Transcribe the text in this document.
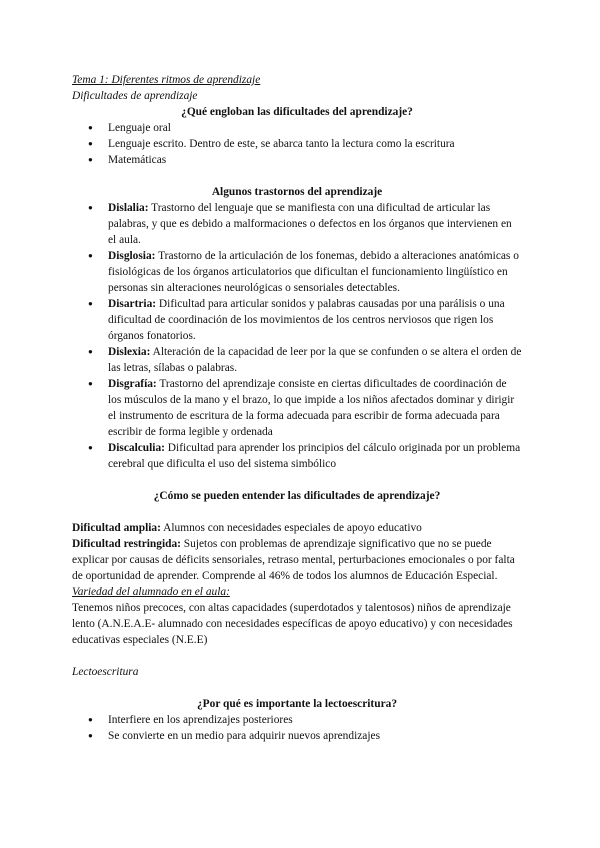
Tema 1: Diferentes ritmos de aprendizaje

Dificultades de aprendizaje

¿Qué engloban las dificultades del aprendizaje?

● Lenguaje oral
● Lenguaje escrito. Dentro de este, se abarca tanto la lectura como la escritura
● Matemáticas

Algunos trastornos del aprendizaje

● Dislalia: Trastorno del lenguaje que se manifiesta con una dificultad de articular las palabras, y que es debido a malformaciones o defectos en los órganos que intervienen en el aula.
● Disglosia: Trastorno de la articulación de los fonemas, debido a alteraciones anatómicas o fisiológicas de los órganos articulatorios que dificultan el funcionamiento lingüístico en personas sin alteraciones neurológicas o sensoriales detectables.
● Disartria: Dificultad para articular sonidos y palabras causadas por una parálisis o una dificultad de coordinación de los movimientos de los centros nerviosos que rigen los órganos fonatorios.
● Dislexia: Alteración de la capacidad de leer por la que se confunden o se altera el orden de las letras, sílabas o palabras.
● Disgrafía: Trastorno del aprendizaje consiste en ciertas dificultades de coordinación de los músculos de la mano y el brazo, lo que impide a los niños afectados dominar y dirigir el instrumento de escritura de la forma adecuada para escribir de forma adecuada para escribir de forma legible y ordenada
● Discalculia: Dificultad para aprender los principios del cálculo originada por un problema cerebral que dificulta el uso del sistema simbólico

¿Cómo se pueden entender las dificultades de aprendizaje?

Dificultad amplia: Alumnos con necesidades especiales de apoyo educativo

Dificultad restringida: Sujetos con problemas de aprendizaje significativo que no se puede explicar por causas de déficits sensoriales, retraso mental, perturbaciones emocionales o por falta de oportunidad de aprender. Comprende al 46% de todos los alumnos de Educación Especial.

Variedad del alumnado en el aula:

Tenemos niños precoces, con altas capacidades (superdotados y talentosos) niños de aprendizaje lento (A.N.E.A.E- alumnado con necesidades específicas de apoyo educativo) y con necesidades educativas especiales (N.E.E)

Lectoescritura

¿Por qué es importante la lectoescritura?

● Interfiere en los aprendizajes posteriores
● Se convierte en un medio para adquirir nuevos aprendizajes
